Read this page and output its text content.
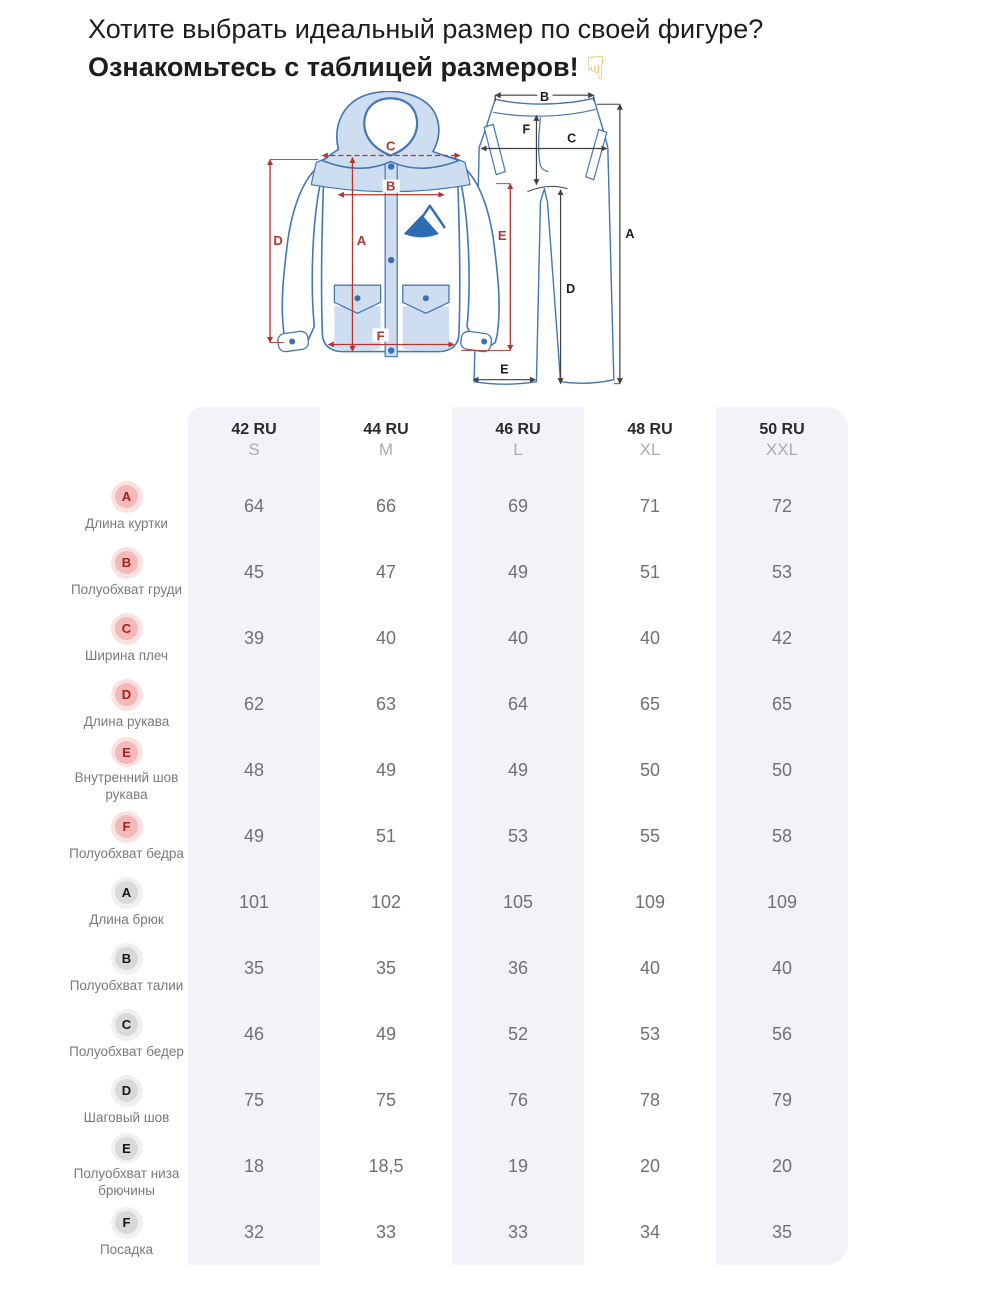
Хотите выбрать идеальный размер по своей фигуре?
Ознакомьтесь с таблицей размеров! ☟
B
F
C
A
D
E
D	A
B
C
E
F
42 RU
S
44 RU
M
46 RU
L
48 RU
XL
50 RU
XXL
A
Длина куртки
64	66	69	71	72
B
Полуобхват груди
45	47	49	51	53
C
Ширина плеч
39	40	40	40	42
D
Длина рукава
62	63	64	65	65
E
Внутренний шов рукава
48	49	49	50	50
F
Полуобхват бедра
49	51	53	55	58
A
Длина брюк
101	102	105	109	109
B
Полуобхват талии
35	35	36	40	40
C
Полуобхват бедер
46	49	52	53	56
D
Шаговый шов
75	75	76	78	79
E
Полуобхват низа брючины
18	18,5	19	20	20
F
Посадка
32	33	33	34	35
